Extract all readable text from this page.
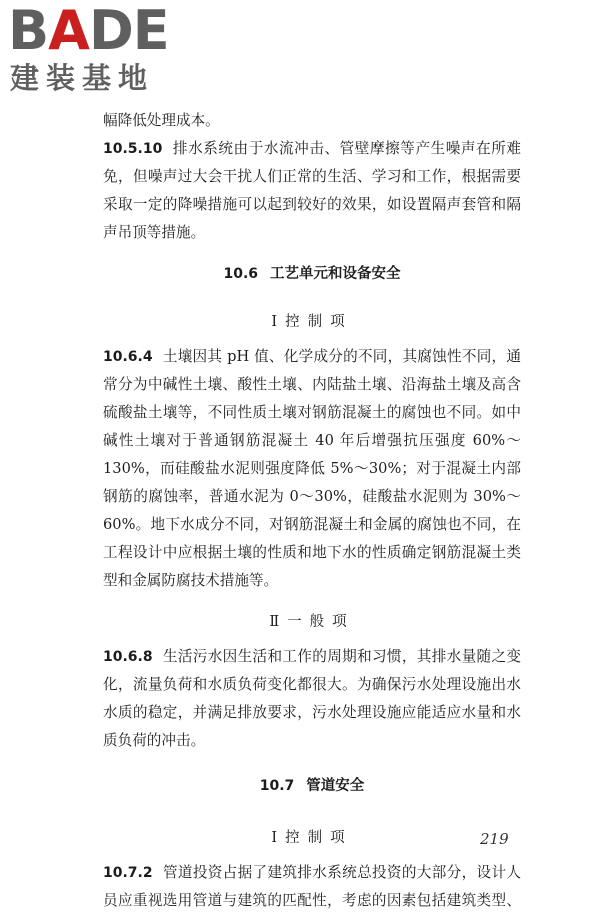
BADE
建装基地

幅降低处理成本。

10.5.10 排水系统由于水流冲击、管壁摩擦等产生噪声在所难

免，但噪声过大会干扰人们正常的生活、学习和工作，根据需要

采取一定的降噪措施可以起到较好的效果，如设置隔声套管和隔

声吊顶等措施。

10.6 工艺单元和设备安全
Ⅰ控制项

10.6.4 土壤因其 pH 值、化学成分的不同，其腐蚀性不同，通

常分为中碱性土壤、酸性土壤、内陆盐土壤、沿海盐土壤及高含

硫酸盐土壤等，不同性质土壤对钢筋混凝土的腐蚀也不同。如中

碱性土壤对于普通钢筋混凝土 40 年后增强抗压强度 60%～

130%，而硅酸盐水泥则强度降低 5%～30%；对于混凝土内部

钢筋的腐蚀率，普通水泥为 0～30%，硅酸盐水泥则为 30%～

60%。地下水成分不同，对钢筋混凝土和金属的腐蚀也不同，在

工程设计中应根据土壤的性质和地下水的性质确定钢筋混凝土类

型和金属防腐技术措施等。

Ⅱ一般项

10.6.8 生活污水因生活和工作的周期和习惯，其排水量随之变

化，流量负荷和水质负荷变化都很大。为确保污水处理设施出水

水质的稳定，并满足排放要求，污水处理设施应能适应水量和水

质负荷的冲击。

10.7 管道安全
Ⅰ控制项

10.7.2 管道投资占据了建筑排水系统总投资的大部分，设计人

员应重视选用管道与建筑的匹配性，考虑的因素包括建筑类型、

219
